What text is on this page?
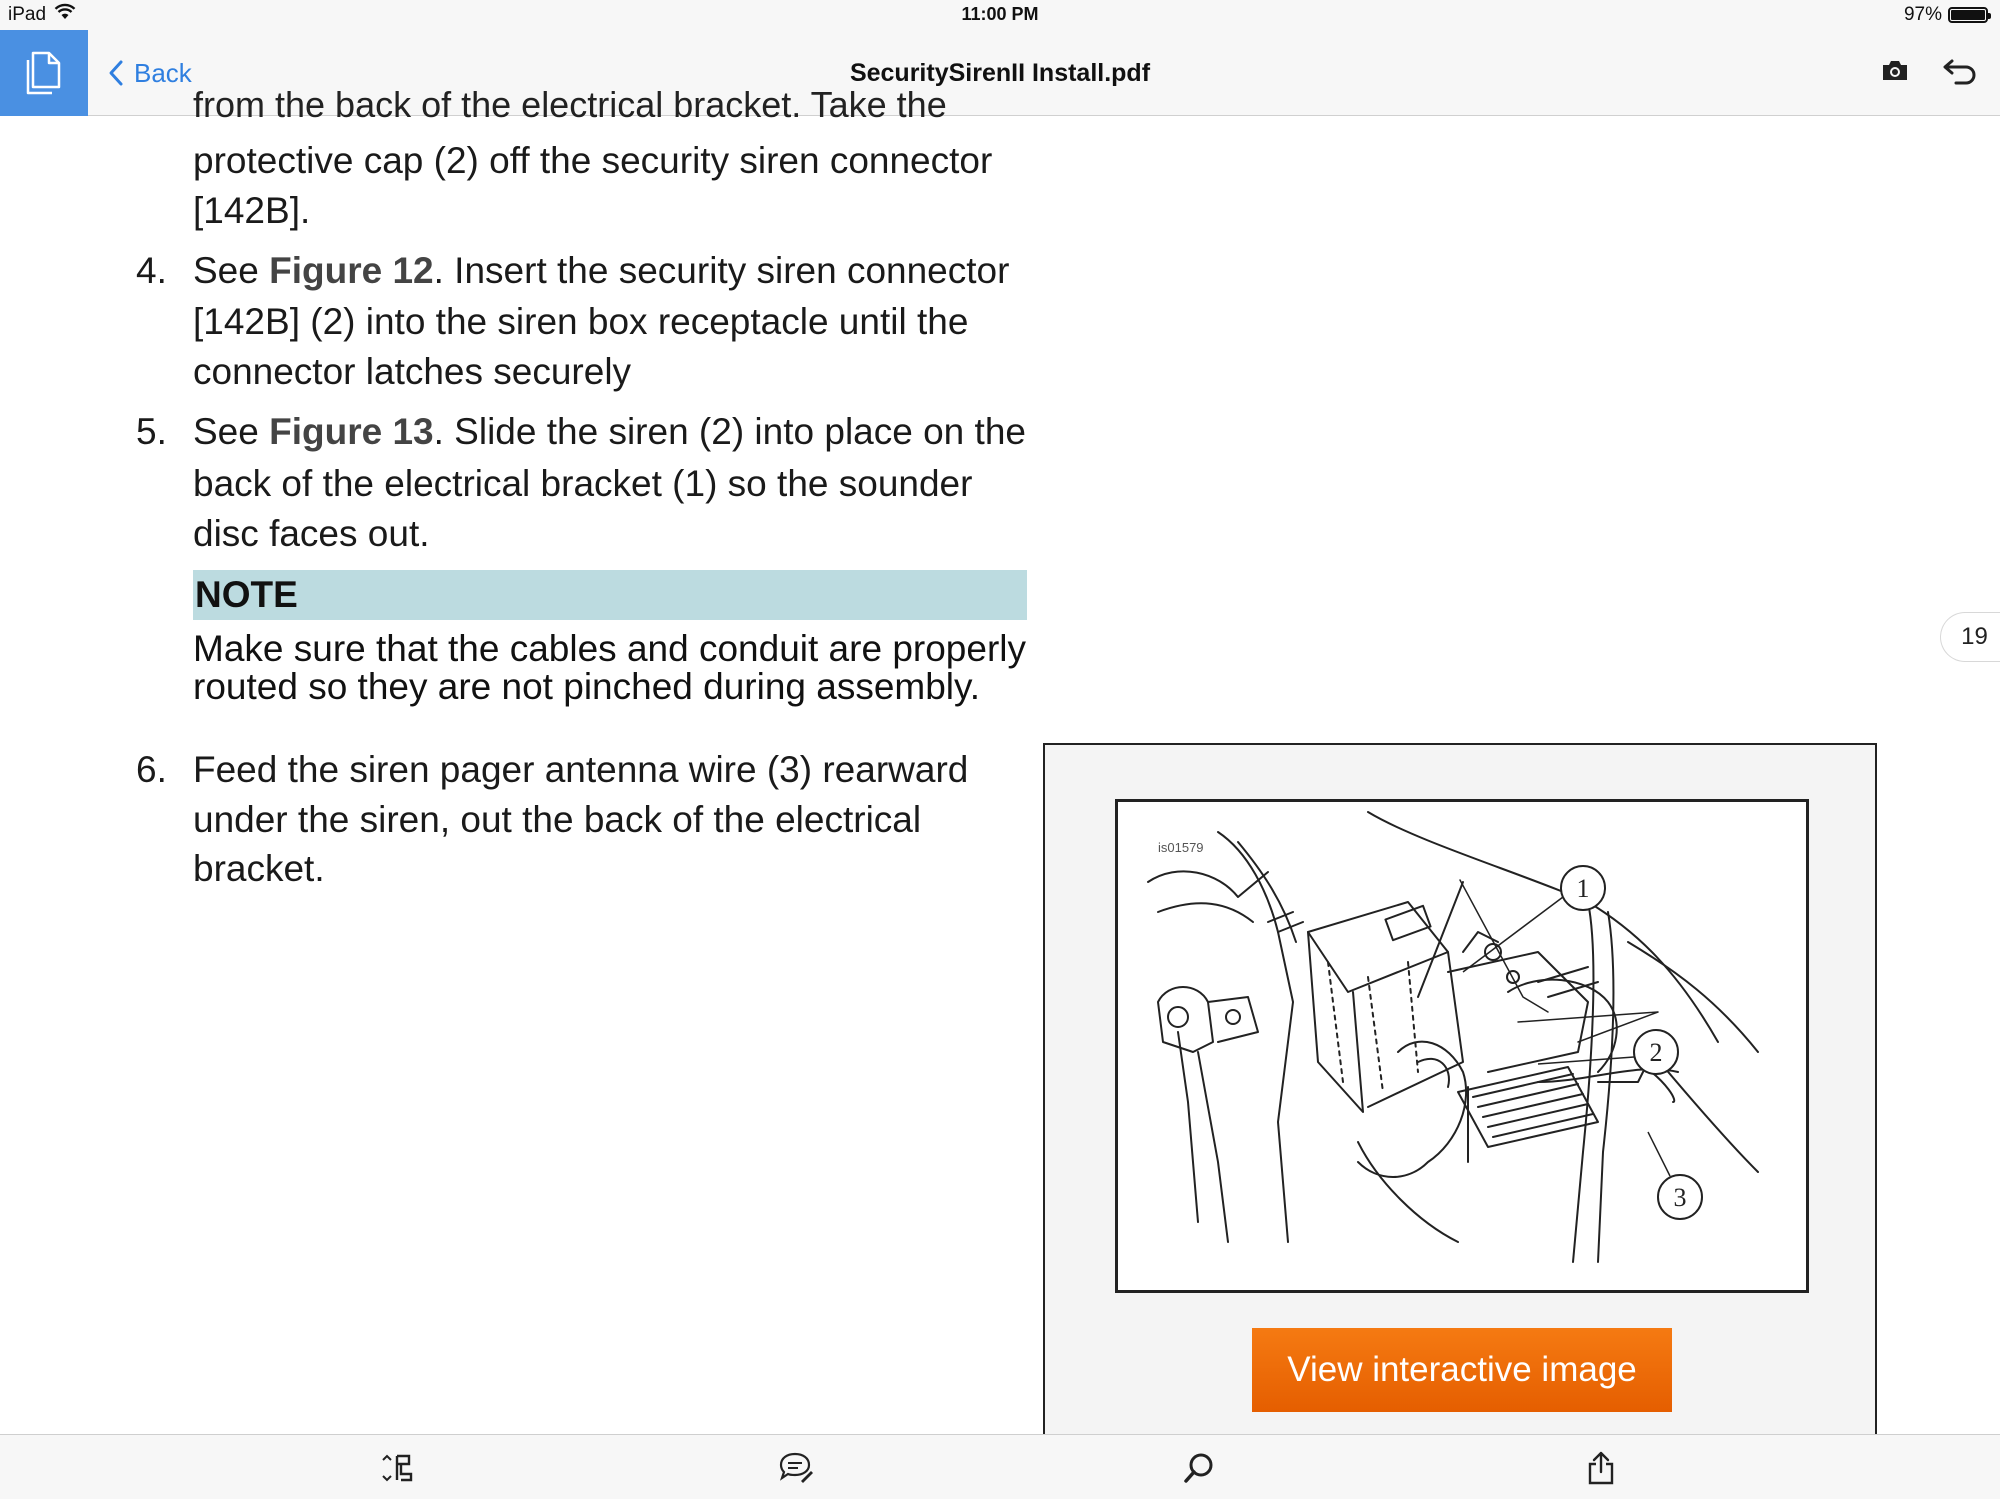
iPad	11:00 PM	97%
Back	SecuritySirenII Install.pdf
from the back of the electrical bracket. Take the
protective cap (2) off the security siren connector
[142B].
4. See Figure 12. Insert the security siren connector
[142B] (2) into the siren box receptacle until the
connector latches securely
5. See Figure 13. Slide the siren (2) into place on the
back of the electrical bracket (1) so the sounder
disc faces out.
NOTE
Make sure that the cables and conduit are properly
routed so they are not pinched during assembly.
6. Feed the siren pager antenna wire (3) rearward
under the siren, out the back of the electrical
bracket.
19
is01579
1
2
3
View interactive image
